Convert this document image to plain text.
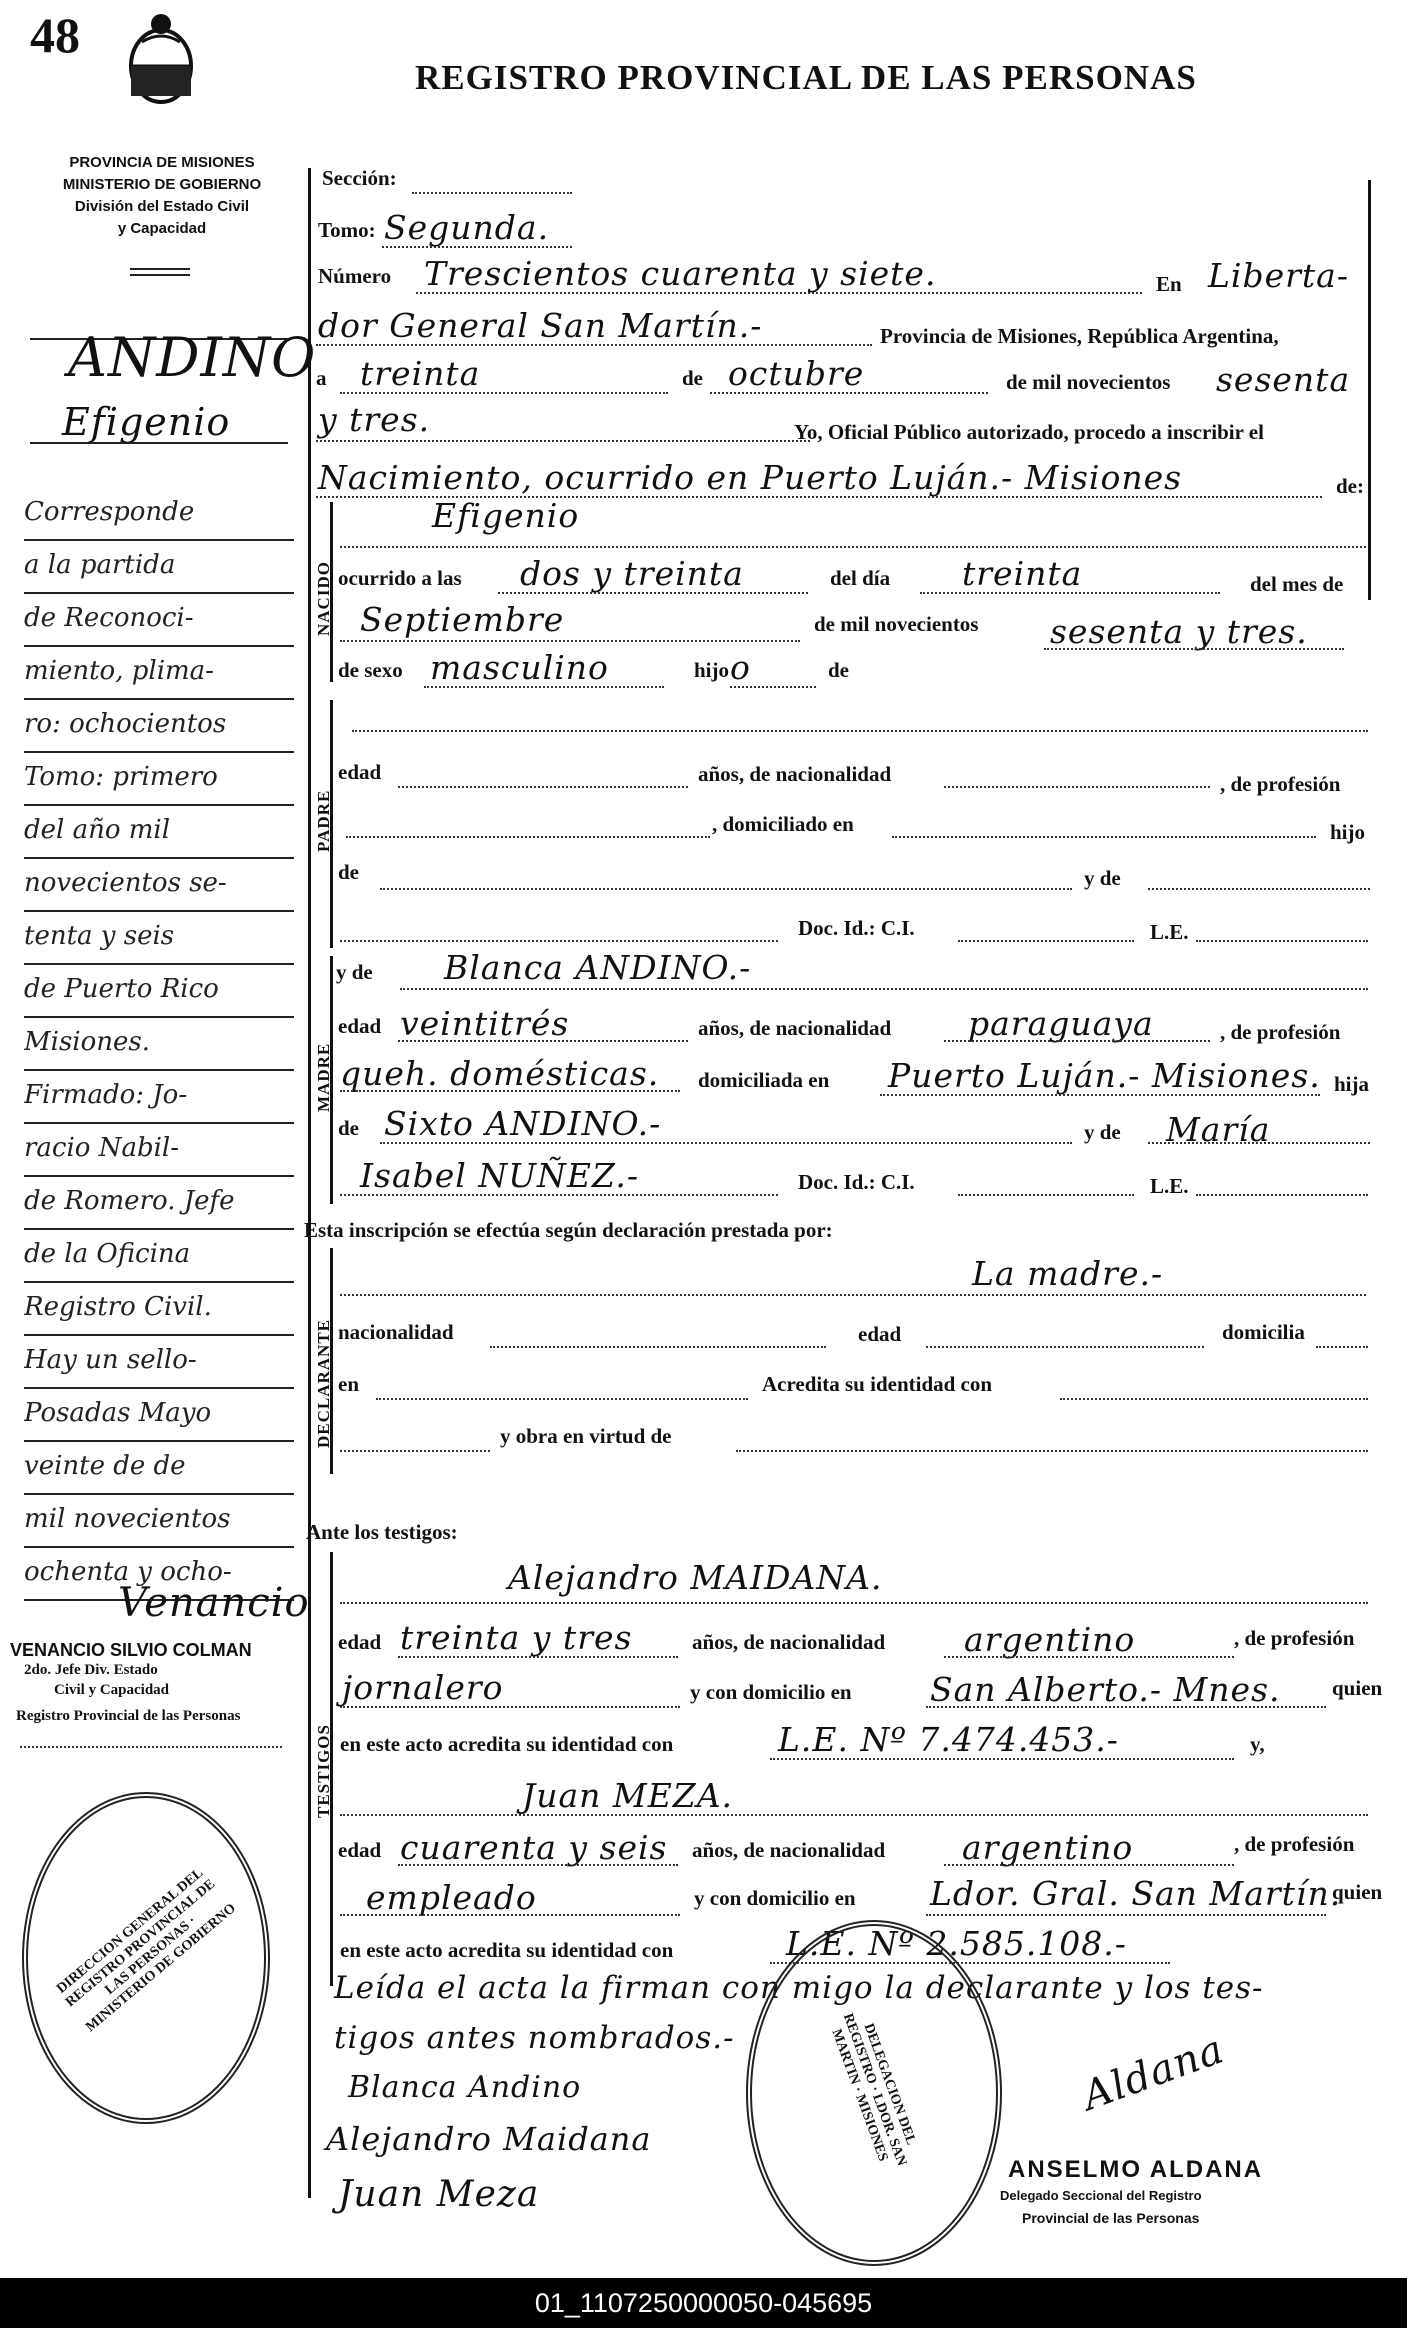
48
REGISTRO PROVINCIAL DE LAS PERSONAS
PROVINCIA DE MISIONES
MINISTERIO DE GOBIERNO
División del Estado Civil
y Capacidad
ANDINO
Efigenio
Corresponde
a la partida
de Reconoci-
miento, plima-
ro: ochocientos
Tomo: primero
del año mil
novecientos se-
tenta y seis
de Puerto Rico
Misiones.
Firmado: Jo-
racio Nabil-
de Romero. Jefe
de la Oficina
Registro Civil.
Hay un sello-
Posadas Mayo
veinte de de
mil novecientos
ochenta y ocho-
Venancio
VENANCIO SILVIO COLMAN
2do. Jefe Div. Estado
Civil y Capacidad
Registro Provincial de las Personas
DIRECCION GENERAL DEL REGISTRO PROVINCIAL DE LAS PERSONAS · MINISTERIO DE GOBIERNO
Sección:
Tomo: Segunda.
Número Trescientos cuarenta y siete.	En Liberta-
dor General San Martín.-	Provincia de Misiones, República Argentina,
a treinta	de octubre	de mil novecientos sesenta
y tres.	Yo, Oficial Público autorizado, procedo a inscribir el
Nacimiento, ocurrido en Puerto Luján.- Misiones	de:
NACIDO
Efigenio
ocurrido a las dos y treinta	del día treinta	del mes de
Septiembre	de mil novecientos sesenta y tres.
de sexo masculino	hijo o	de
PADRE
edad	años, de nacionalidad	, de profesión
, domiciliado en	hijo
de	y de
Doc. Id.: C.I.	L.E.
MADRE
y de Blanca ANDINO.-
edad veintitrés	años, de nacionalidad paraguaya	, de profesión
queh. domésticas. domiciliada en Puerto Luján.- Misiones. hija
de Sixto ANDINO.-	y de María
Isabel NUÑEZ.-	Doc. Id.: C.I.	L.E.
Esta inscripción se efectúa según declaración prestada por:
DECLARANTE
La madre.-
nacionalidad	edad	domicilia
en	Acredita su identidad con
y obra en virtud de
Ante los testigos:
TESTIGOS
Alejandro MAIDANA.
edad treinta y tres	años, de nacionalidad argentino	, de profesión
jornalero	y con domicilio en San Alberto.- Mnes. quien
en este acto acredita su identidad con	L.E. Nº 7.474.453.-	y,
Juan MEZA.
edad cuarenta y seis años, de nacionalidad argentino	, de profesión
empleado	y con domicilio en Ldor. Gral. San Martín.
quien
en este acto acredita su identidad con	L.E. Nº 2.585.108.-
Leída el acta la firman con migo la declarante y los tes-
tigos antes nombrados.-
Blanca Andino
Alejandro Maidana
Juan Meza
DELEGACION DEL REGISTRO · LDOR. SAN MARTIN · MISIONES	Aldana
ANSELMO ALDANA
Delegado Seccional del Registro
Provincial de las Personas
01_1107250000050-045695
